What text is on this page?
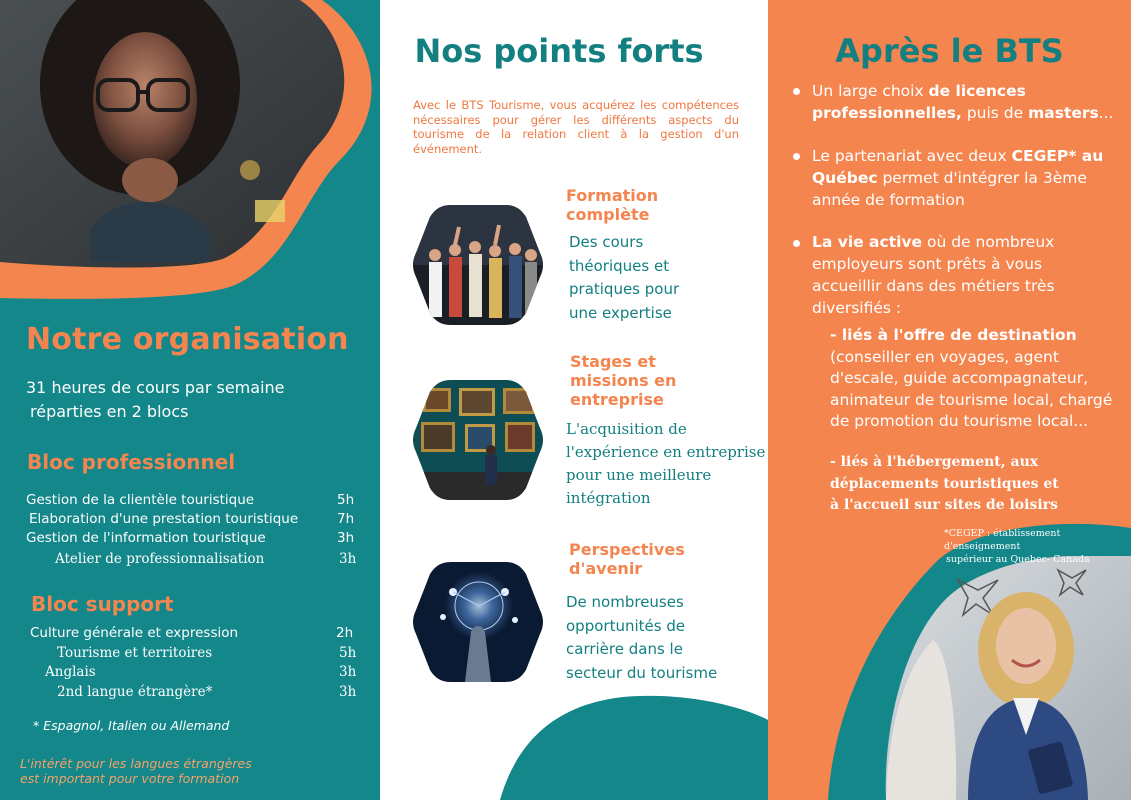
Notre organisation
31 heures de cours par semaine
réparties en 2 blocs
Bloc professionnel
Gestion de la clientèle touristique	5h
Elaboration d'une prestation touristique	7h
Gestion de l'information touristique	3h
Atelier de professionnalisation	3h
Bloc support
Culture générale et expression	2h
Tourisme et territoires	5h
Anglais	3h
2nd langue étrangère*	3h
* Espagnol, Italien ou Allemand
L'intérêt pour les langues étrangères
est important pour votre formation
Nos points forts
Avec le BTS Tourisme, vous acquérez les compétences nécessaires pour gérer les différents aspects du tourisme de la relation client à la gestion d'un événement.
Formation
complète
Des cours
théoriques et
pratiques pour
une expertise
Stages et
missions en
entreprise
L'acquisition de
l'expérience en entreprise
pour une meilleure
intégration
Perspectives
d'avenir
De nombreuses
opportunités de
carrière dans le
secteur du tourisme
Après le BTS
Un large choix de licences
professionnelles, puis de masters...
Le partenariat avec deux CEGEP* au
Québec permet d'intégrer la 3ème
année de formation
La vie active où de nombreux
employeurs sont prêts à vous
accueillir dans des métiers très
diversifiés :
- liés à l'offre de destination
(conseiller en voyages, agent
d'escale, guide accompagnateur,
animateur de tourisme local, chargé
de promotion du tourisme local...
- liés à l'hébergement, aux
déplacements touristiques et
à l'accueil sur sites de loisirs
*CEGEP : établissement d'enseignement
supérieur au Quebec- Canada
